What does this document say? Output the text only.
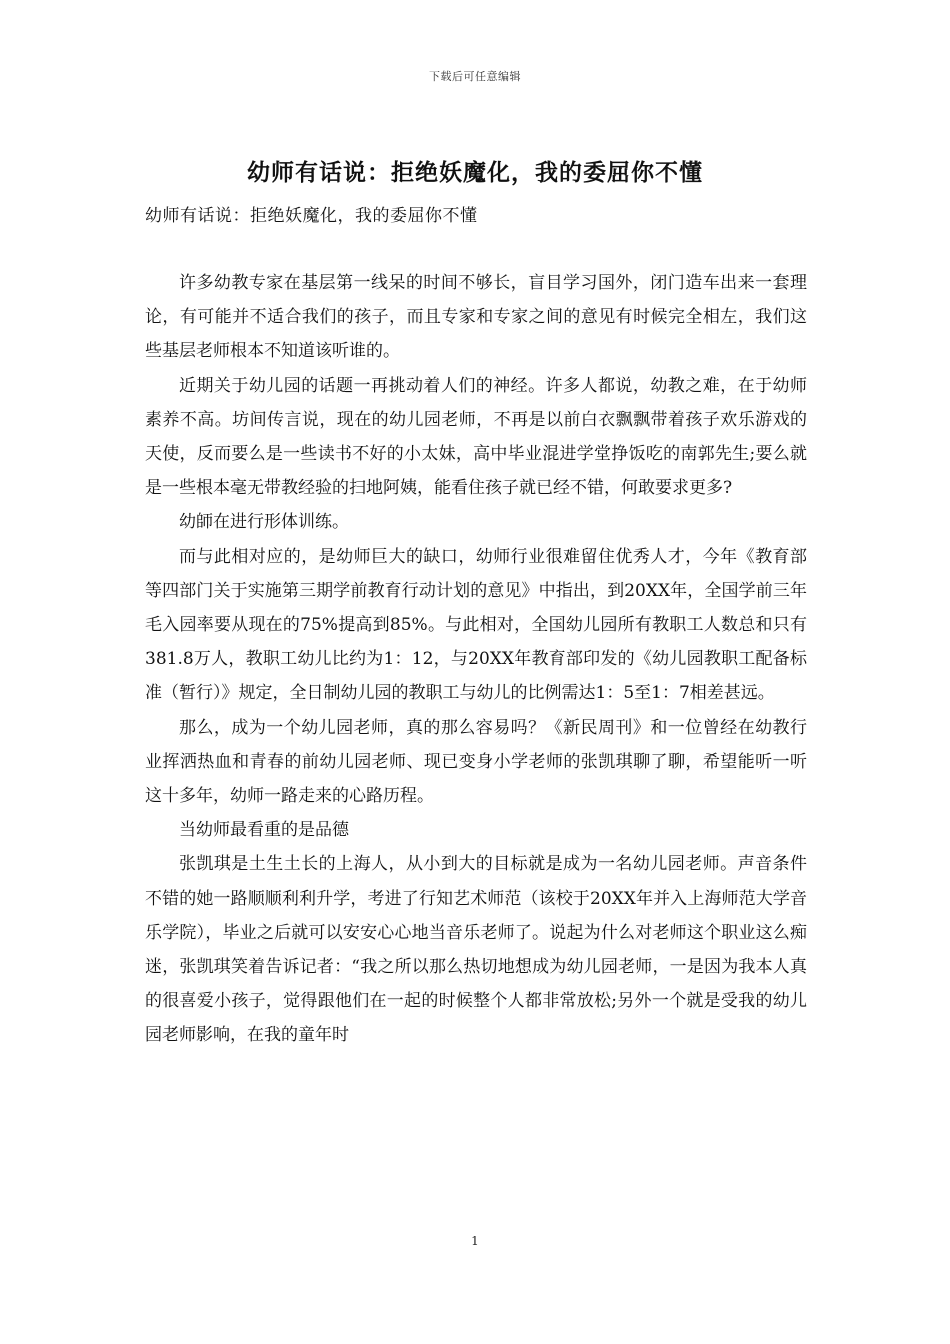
下载后可任意编辑
幼师有话说：拒绝妖魔化，我的委屈你不懂
幼师有话说：拒绝妖魔化，我的委屈你不懂

许多幼教专家在基层第一线呆的时间不够长，盲目学习国外，闭门造车出来一套理论，有可能并不适合我们的孩子，而且专家和专家之间的意见有时候完全相左，我们这些基层老师根本不知道该听谁的。

近期关于幼儿园的话题一再挑动着人们的神经。许多人都说，幼教之难，在于幼师素养不高。坊间传言说，现在的幼儿园老师，不再是以前白衣飘飘带着孩子欢乐游戏的天使，反而要么是一些读书不好的小太妹，高中毕业混进学堂挣饭吃的南郭先生;要么就是一些根本毫无带教经验的扫地阿姨，能看住孩子就已经不错，何敢要求更多?

幼師在进行形体训练。

而与此相对应的，是幼师巨大的缺口，幼师行业很难留住优秀人才，今年《教育部等四部门关于实施第三期学前教育行动计划的意见》中指出，到20XX年，全国学前三年毛入园率要从现在的75%提高到85%。与此相对，全国幼儿园所有教职工人数总和只有381.8万人，教职工幼儿比约为1：12，与20XX年教育部印发的《幼儿园教职工配备标准（暂行）》规定，全日制幼儿园的教职工与幼儿的比例需达1：5至1：7相差甚远。

那么，成为一个幼儿园老师，真的那么容易吗？《新民周刊》和一位曾经在幼教行业挥洒热血和青春的前幼儿园老师、现已变身小学老师的张凯琪聊了聊，希望能听一听这十多年，幼师一路走来的心路历程。

当幼师最看重的是品德

张凯琪是土生土长的上海人，从小到大的目标就是成为一名幼儿园老师。声音条件不错的她一路顺顺利利升学，考进了行知艺术师范（该校于20XX年并入上海师范大学音乐学院），毕业之后就可以安安心心地当音乐老师了。说起为什么对老师这个职业这么痴迷，张凯琪笑着告诉记者：“我之所以那么热切地想成为幼儿园老师，一是因为我本人真的很喜爱小孩子，觉得跟他们在一起的时候整个人都非常放松;另外一个就是受我的幼儿园老师影响，在我的童年时

1
